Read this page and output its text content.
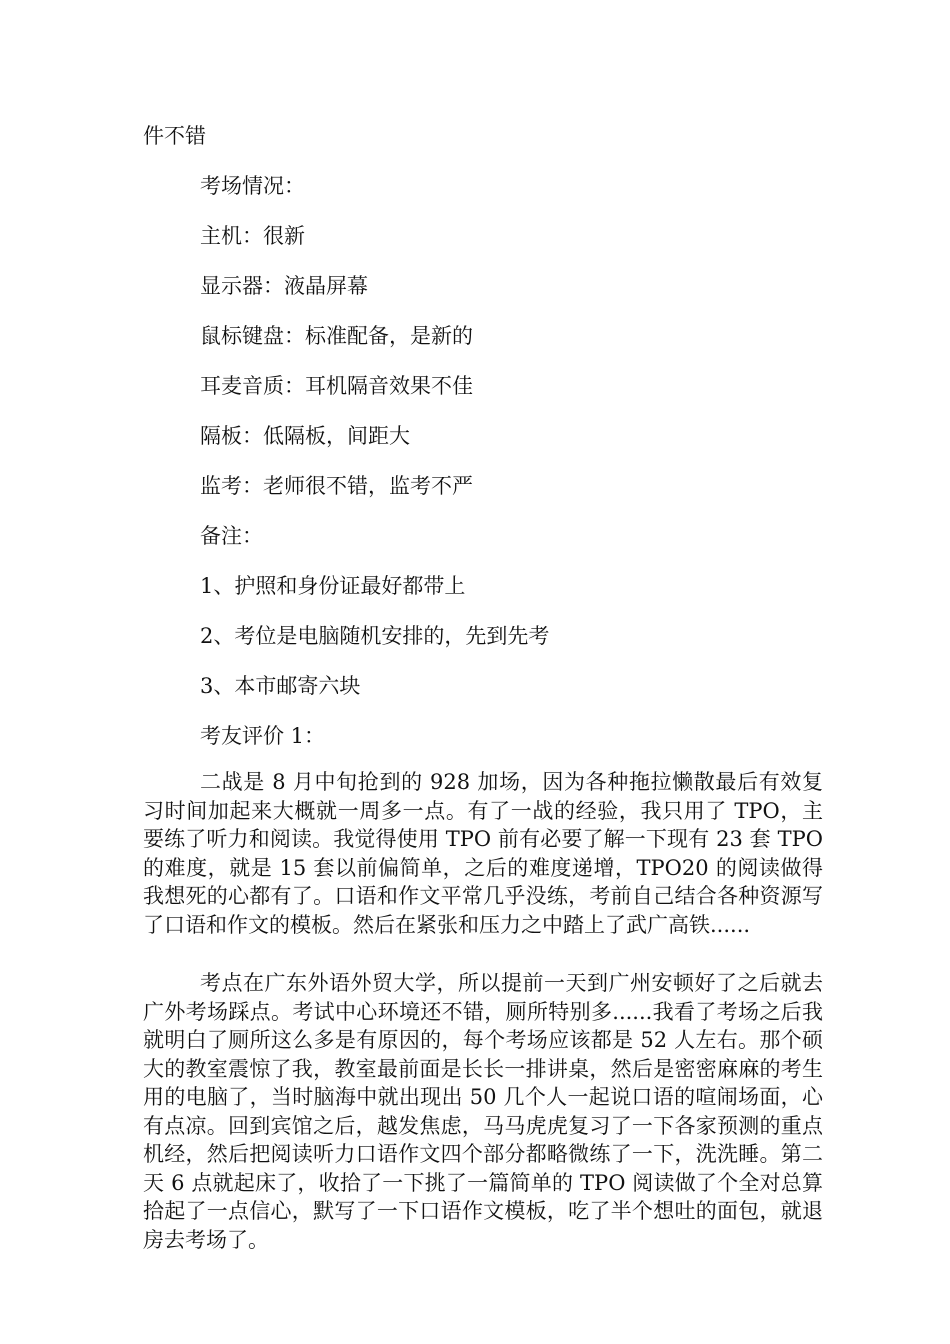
件不错
考场情况：
主机：很新
显示器：液晶屏幕
鼠标键盘：标准配备，是新的
耳麦音质：耳机隔音效果不佳
隔板：低隔板，间距大
监考：老师很不错，监考不严
备注：
1、护照和身份证最好都带上
2、考位是电脑随机安排的，先到先考
3、本市邮寄六块
考友评价 1：

二战是 8 月中旬抢到的 928 加场，因为各种拖拉懒散最后有效复习时间加起来大概就一周多一点。有了一战的经验，我只用了 TPO，主要练了听力和阅读。我觉得使用 TPO 前有必要了解一下现有 23 套 TPO 的难度，就是 15 套以前偏简单，之后的难度递增，TPO20 的阅读做得我想死的心都有了。口语和作文平常几乎没练，考前自己结合各种资源写了口语和作文的模板。然后在紧张和压力之中踏上了武广高铁......

考点在广东外语外贸大学，所以提前一天到广州安顿好了之后就去广外考场踩点。考试中心环境还不错，厕所特别多......我看了考场之后我就明白了厕所这么多是有原因的，每个考场应该都是 52 人左右。那个硕大的教室震惊了我，教室最前面是长长一排讲桌，然后是密密麻麻的考生用的电脑了，当时脑海中就出现出 50 几个人一起说口语的喧闹场面，心有点凉。回到宾馆之后，越发焦虑，马马虎虎复习了一下各家预测的重点机经，然后把阅读听力口语作文四个部分都略微练了一下，洗洗睡。第二天 6 点就起床了，收拾了一下挑了一篇简单的 TPO 阅读做了个全对总算拾起了一点信心，默写了一下口语作文模板，吃了半个想吐的面包，就退房去考场了。
